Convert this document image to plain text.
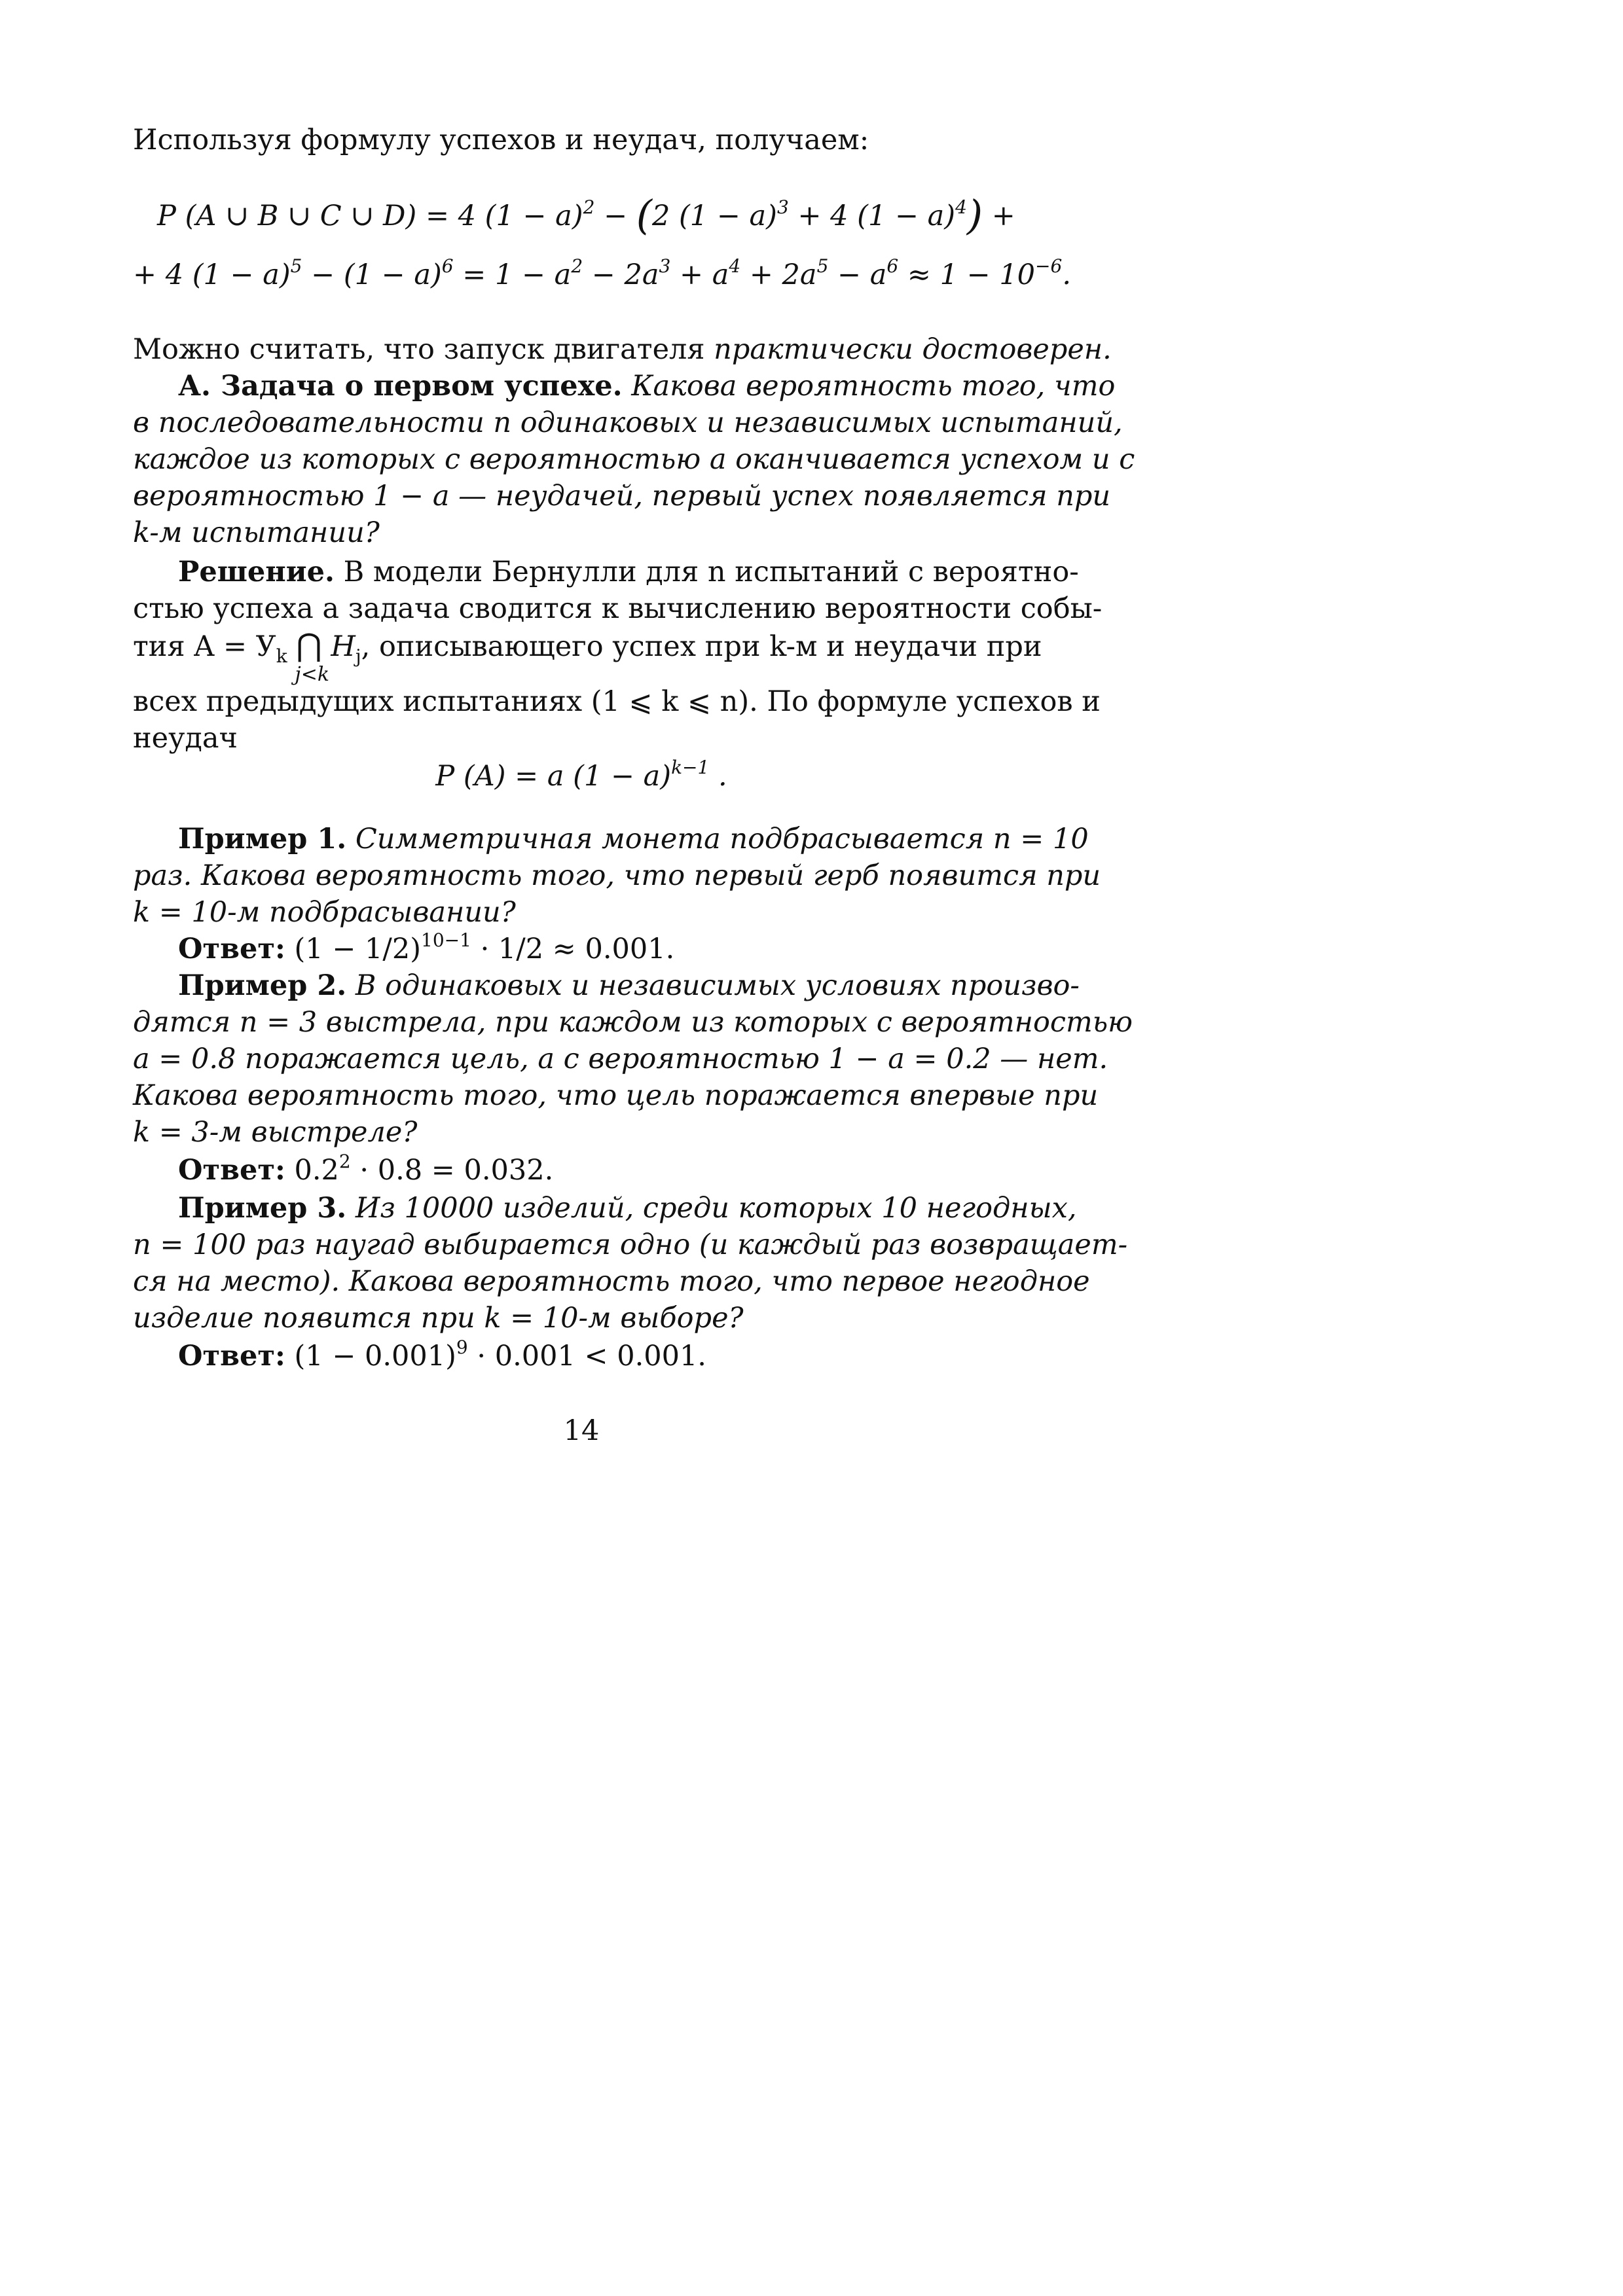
Используя формулу успехов и неудач, получаем:
P (A ∪ B ∪ C ∪ D) = 4 $(1 - a)^2 - (2$ $(1 - a)^3 + 4$ $(1 - a)^4$) +
+ 4 $(1 - a)^5 - (1 - a)^6 = 1 - a^2 - 2a^3 + a^4 + 2a^5 - a^6 \approx 1 - 10^{-6}$.
Можно считать, что запуск двигателя практически достоверен.
А. Задача о первом успехе. Какова вероятность того, что
в последовательности n одинаковых и независимых испытаний,
каждое из которых с вероятностью a оканчивается успехом и с
вероятностью 1 − a — неудачей, первый успех появляется при
k-м испытании?
Решение. В модели Бернулли для n испытаний с вероятно-
стью успеха a задача сводится к вычислению вероятности собы-
тия $A = У_k$ ⋂
j<k
$H_j$, описывающего успех при k-м и неудачи при
всех предыдущих испытаниях (1 ⩽ k ⩽ n). По формуле успехов и
неудач
P (A) = a $(1 - a)^{k-1}$ .
Пример 1. Симметричная монета подбрасывается n = 10
раз. Какова вероятность того, что первый герб появится при
k = 10-м подбрасывании?
Ответ: $(1 - 1/2)^{10-1} \cdot 1/2 \approx 0.001$.
Пример 2. В одинаковых и независимых условиях произво-
дятся n = 3 выстрела, при каждом из которых с вероятностью
a = 0.8 поражается цель, а с вероятностью 1 − a = 0.2 — нет.
Какова вероятность того, что цель поражается впервые при
k = 3-м выстреле?
Ответ: $0.2^2 \cdot 0.8 = 0.032$.
Пример 3. Из 10000 изделий, среди которых 10 негодных,
n = 100 раз наугад выбирается одно (и каждый раз возвращает-
ся на место). Какова вероятность того, что первое негодное
изделие появится при k = 10-м выборе?
Ответ: $(1 - 0.001)^9 \cdot 0.001 < 0.001$.
14
